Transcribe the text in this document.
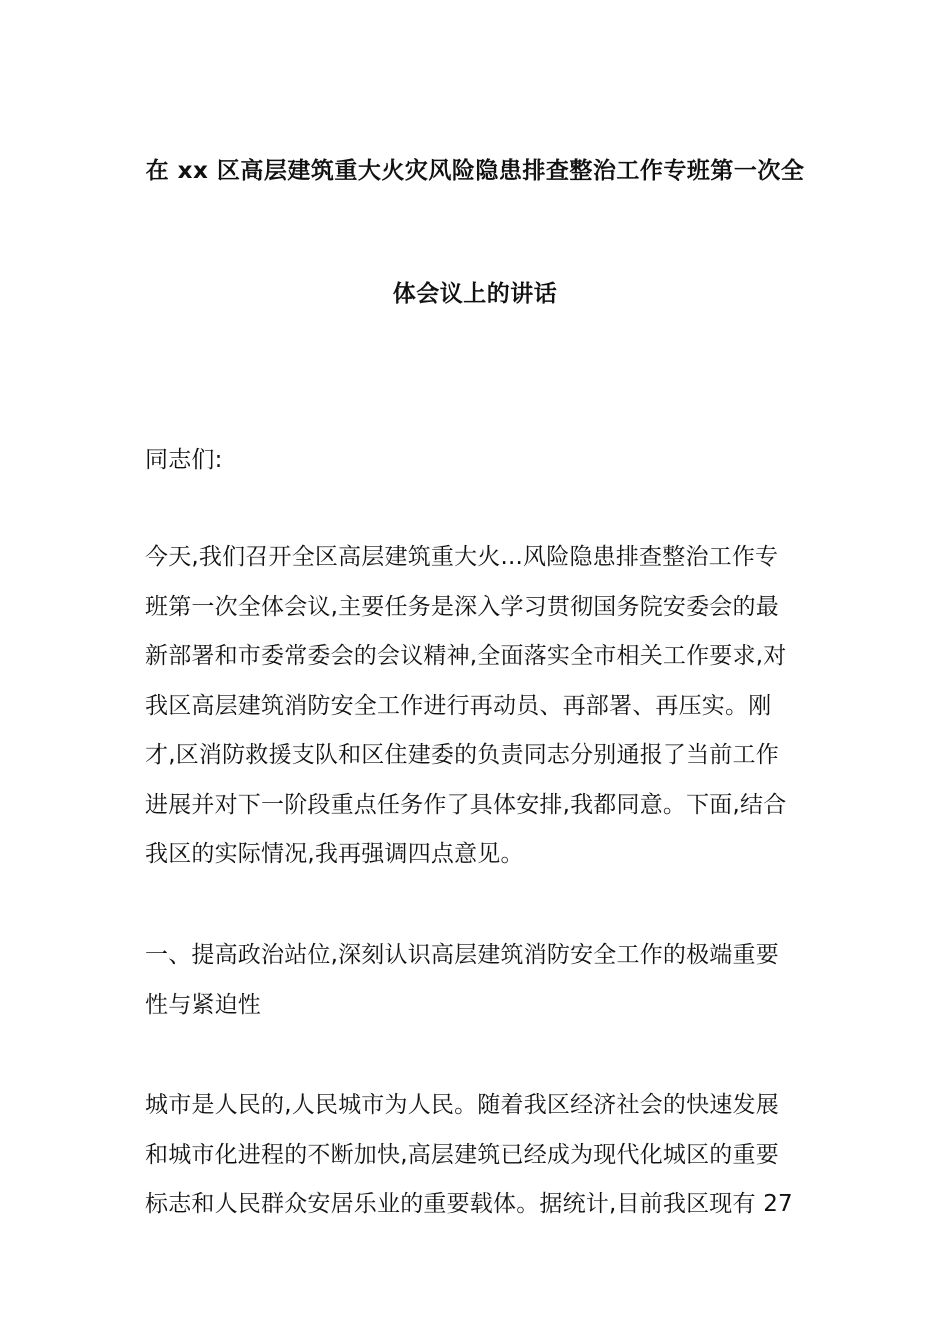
在 xx 区高层建筑重大火灾风险隐患排查整治工作专班第一次全
体会议上的讲话
同志们:
今天,我们召开全区高层建筑重大火...风险隐患排查整治工作专
班第一次全体会议,主要任务是深入学习贯彻国务院安委会的最
新部署和市委常委会的会议精神,全面落实全市相关工作要求,对
我区高层建筑消防安全工作进行再动员、再部署、再压实。刚
才,区消防救援支队和区住建委的负责同志分别通报了当前工作
进展并对下一阶段重点任务作了具体安排,我都同意。下面,结合
我区的实际情况,我再强调四点意见。
一、提高政治站位,深刻认识高层建筑消防安全工作的极端重要
性与紧迫性
城市是人民的,人民城市为人民。随着我区经济社会的快速发展
和城市化进程的不断加快,高层建筑已经成为现代化城区的重要
标志和人民群众安居乐业的重要载体。据统计,目前我区现有 27
